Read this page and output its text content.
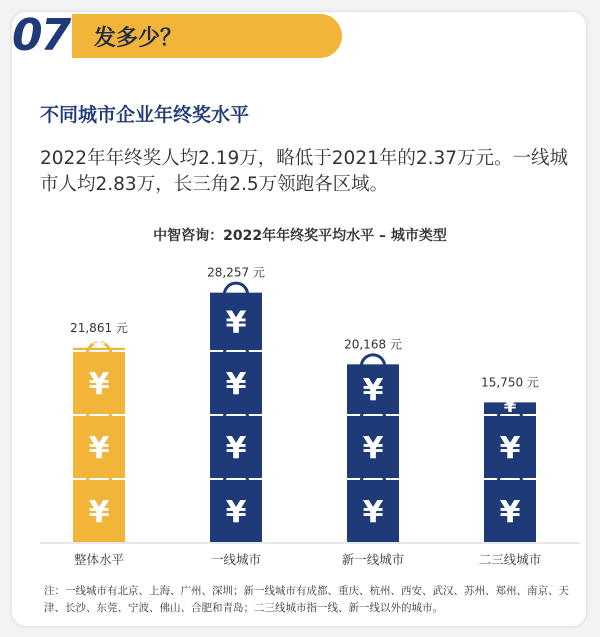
07 发多少？
不同城市企业年终奖水平
2022年年终奖人均2.19万，略低于2021年的2.37万元。一线城市人均2.83万，长三角2.5万领跑各区域。
中智咨询：2022年年终奖平均水平 – 城市类型
¥
¥
¥
¥
21,861 元
整体水平
¥
¥
¥
¥
28,257 元
一线城市
¥
¥
¥
20,168 元
新一线城市
¥
¥
¥
15,750 元
二三线城市
注：一线城市有北京、上海、广州、深圳；新一线城市有成都、重庆、杭州、西安、武汉、苏州、郑州、南京、天津、长沙、东莞、宁波、佛山、合肥和青岛；二三线城市指一线、新一线以外的城市。
